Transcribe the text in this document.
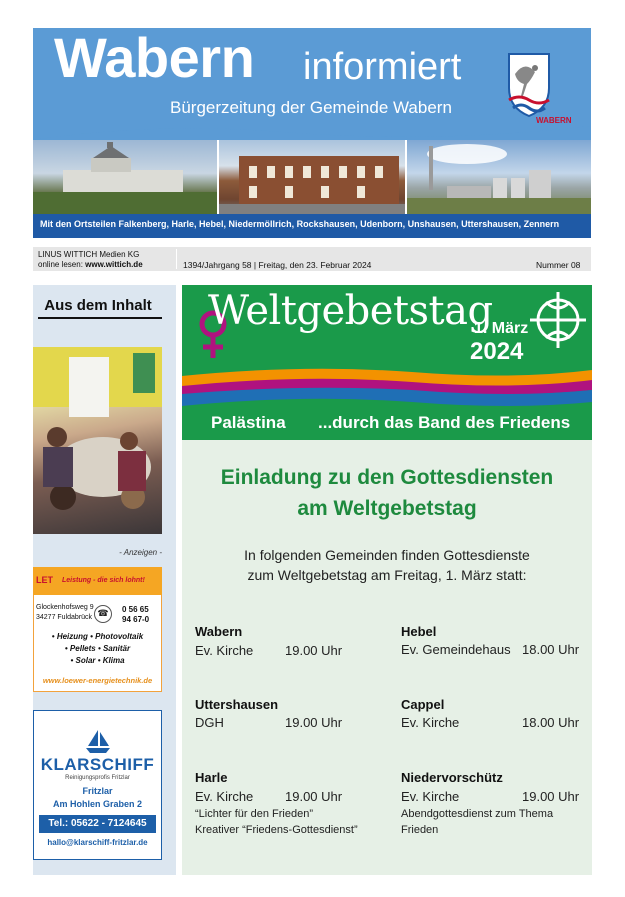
Wabern informiert
Bürgerzeitung der Gemeinde Wabern
WABERN
Mit den Ortsteilen Falkenberg, Harle, Hebel, Niedermöllrich, Rockshausen, Udenborn, Unshausen, Uttershausen, Zennern
LINUS WITTICH Medien KG
online lesen: www.wittich.de	1394/Jahrgang 58 | Freitag, den 23. Februar 2024	Nummer 08
Aus dem Inhalt
- Anzeigen -
LET Leistung - die sich lohnt!
Glockenhofsweg 9
34277 Fuldabrück ☎	0 56 65
94 67-0
• Heizung • Photovoltaik
• Pellets • Sanitär
• Solar • Klima
www.loewer-energietechnik.de
KLARSCHIFF
Reinigungsprofis Fritzlar
Fritzlar
Am Hohlen Graben 2
Tel.: 05622 - 7124645
hallo@klarschiff-fritzlar.de
Weltgebetstag
1. März
2024
Palästina ...durch das Band des Friedens
Einladung zu den Gottesdiensten
am Weltgebetstag
In folgenden Gemeinden finden Gottesdienste
zum Weltgebetstag am Freitag, 1. März statt:
Wabern
Ev. Kirche 19.00 Uhr
Hebel
Ev. Gemeindehaus 18.00 Uhr
Uttershausen
DGH	19.00 Uhr
Cappel
Ev. Kirche	18.00 Uhr
Harle
Ev. Kirche 19.00 Uhr
“Lichter für den Frieden”
Kreativer “Friedens-Gottesdienst”
Niedervorschütz
Ev. Kirche	19.00 Uhr
Abendgottesdienst zum Thema
Frieden
